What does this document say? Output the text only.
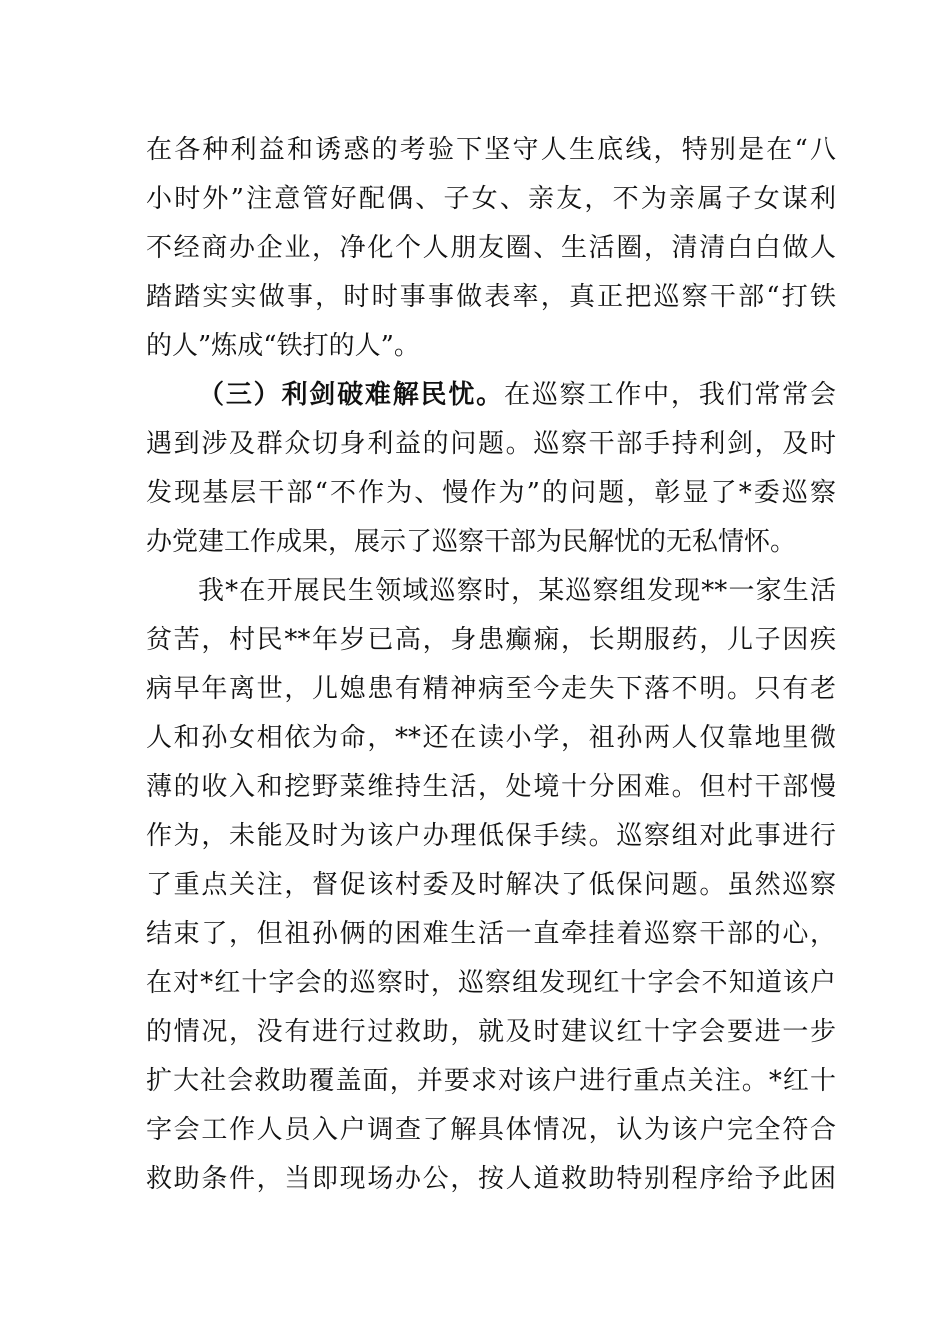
在各种利益和诱惑的考验下坚守人生底线，特别是在“八
小时外”注意管好配偶、子女、亲友，不为亲属子女谋利
不经商办企业，净化个人朋友圈、生活圈，清清白白做人
踏踏实实做事，时时事事做表率，真正把巡察干部“打铁
的人”炼成“铁打的人”。
（三）利剑破难解民忧。在巡察工作中，我们常常会
遇到涉及群众切身利益的问题。巡察干部手持利剑，及时
发现基层干部“不作为、慢作为”的问题，彰显了*委巡察
办党建工作成果，展示了巡察干部为民解忧的无私情怀。
我*在开展民生领域巡察时，某巡察组发现**一家生活
贫苦，村民**年岁已高，身患癫痫，长期服药，儿子因疾
病早年离世，儿媳患有精神病至今走失下落不明。只有老
人和孙女相依为命，**还在读小学，祖孙两人仅靠地里微
薄的收入和挖野菜维持生活，处境十分困难。但村干部慢
作为，未能及时为该户办理低保手续。巡察组对此事进行
了重点关注，督促该村委及时解决了低保问题。虽然巡察
结束了，但祖孙俩的困难生活一直牵挂着巡察干部的心，
在对*红十字会的巡察时，巡察组发现红十字会不知道该户
的情况，没有进行过救助，就及时建议红十字会要进一步
扩大社会救助覆盖面，并要求对该户进行重点关注。*红十
字会工作人员入户调查了解具体情况，认为该户完全符合
救助条件，当即现场办公，按人道救助特别程序给予此困
